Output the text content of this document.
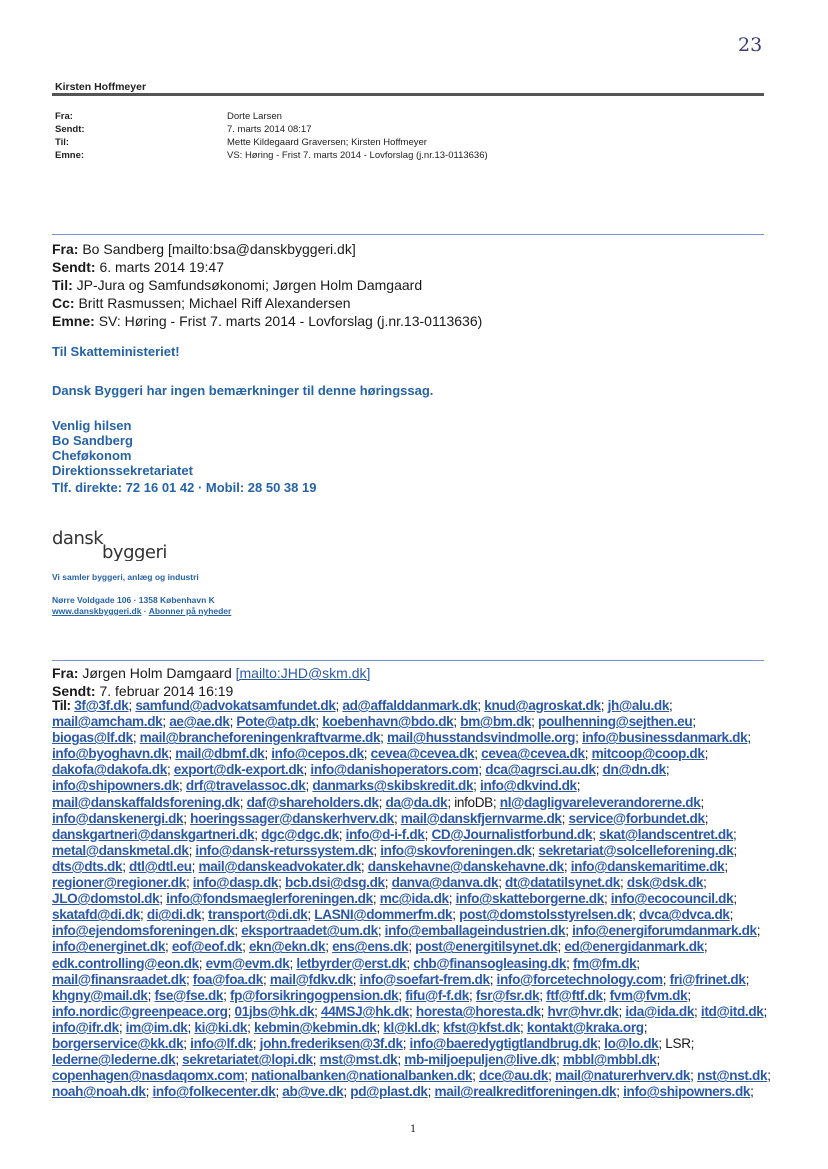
23
Kirsten Hoffmeyer
Fra:	Dorte Larsen
Sendt:	7. marts 2014 08:17
Til:	Mette Kildegaard Graversen; Kirsten Hoffmeyer
Emne:	VS: Høring - Frist 7. marts 2014 - Lovforslag (j.nr.13-0113636)
Fra: Bo Sandberg [mailto:bsa@danskbyggeri.dk]
Sendt: 6. marts 2014 19:47
Til: JP-Jura og Samfundsøkonomi; Jørgen Holm Damgaard
Cc: Britt Rasmussen; Michael Riff Alexandersen
Emne: SV: Høring - Frist 7. marts 2014 - Lovforslag (j.nr.13-0113636)
Til Skatteministeriet!
Dansk Byggeri har ingen bemærkninger til denne høringssag.
Venlig hilsen
Bo Sandberg
Cheføkonom
Direktionssekretariatet
Tlf. direkte: 72 16 01 42 · Mobil: 28 50 38 19
dansk
byggeri
Vi samler byggeri, anlæg og industri
Nørre Voldgade 106 · 1358 København K
www.danskbyggeri.dk · Abonner på nyheder
Fra: Jørgen Holm Damgaard [mailto:JHD@skm.dk]
Sendt: 7. februar 2014 16:19
Til: 3f@3f.dk; samfund@advokatsamfundet.dk; ad@affalddanmark.dk; knud@agroskat.dk; jh@alu.dk; mail@amcham.dk; ae@ae.dk; Pote@atp.dk; koebenhavn@bdo.dk; bm@bm.dk; poulhenning@sejthen.eu; biogas@lf.dk; mail@brancheforeningenkraftvarme.dk; mail@husstandsvindmolle.org; info@businessdanmark.dk; info@byoghavn.dk; mail@dbmf.dk; info@cepos.dk; cevea@cevea.dk; cevea@cevea.dk; mitcoop@coop.dk; dakofa@dakofa.dk; export@dk-export.dk; info@danishoperators.com; dca@agrsci.au.dk; dn@dn.dk; info@shipowners.dk; drf@travelassoc.dk; danmarks@skibskredit.dk; info@dkvind.dk; mail@danskaffaldsforening.dk; daf@shareholders.dk; da@da.dk; infoDB; nl@dagligvareleverandorerne.dk; info@danskenergi.dk; hoeringssager@danskerhverv.dk; mail@danskfjernvarme.dk; service@forbundet.dk; danskgartneri@danskgartneri.dk; dgc@dgc.dk; info@d-i-f.dk; CD@Journalistforbund.dk; skat@landscentret.dk; metal@danskmetal.dk; info@dansk-returssystem.dk; info@skovforeningen.dk; sekretariat@solcelleforening.dk; dts@dts.dk; dtl@dtl.eu; mail@danskeadvokater.dk; danskehavne@danskehavne.dk; info@danskemaritime.dk; regioner@regioner.dk; info@dasp.dk; bcb.dsi@dsg.dk; danva@danva.dk; dt@datatilsynet.dk; dsk@dsk.dk; JLO@domstol.dk; info@fondsmaeglerforeningen.dk; mc@ida.dk; info@skatteborgerne.dk; info@ecocouncil.dk; skatafd@di.dk; di@di.dk; transport@di.dk; LASNI@dommerfm.dk; post@domstolsstyrelsen.dk; dvca@dvca.dk; info@ejendomsforeningen.dk; eksportraadet@um.dk; info@emballageindustrien.dk; info@energiforumdanmark.dk; info@energinet.dk; eof@eof.dk; ekn@ekn.dk; ens@ens.dk; post@energitilsynet.dk; ed@energidanmark.dk; edk.controlling@eon.dk; evm@evm.dk; letbyrder@erst.dk; chb@finansogleasing.dk; fm@fm.dk; mail@finansraadet.dk; foa@foa.dk; mail@fdkv.dk; info@soefart-frem.dk; info@forcetechnology.com; fri@frinet.dk; khgny@mail.dk; fse@fse.dk; fp@forsikringogpension.dk; fifu@f-f.dk; fsr@fsr.dk; ftf@ftf.dk; fvm@fvm.dk; info.nordic@greenpeace.org; 01jbs@hk.dk; 44MSJ@hk.dk; horesta@horesta.dk; hvr@hvr.dk; ida@ida.dk; itd@itd.dk; info@ifr.dk; im@im.dk; ki@ki.dk; kebmin@kebmin.dk; kl@kl.dk; kfst@kfst.dk; kontakt@kraka.org; borgerservice@kk.dk; info@lf.dk; john.frederiksen@3f.dk; info@baeredygtigtlandbrug.dk; lo@lo.dk; LSR; lederne@lederne.dk; sekretariatet@lopi.dk; mst@mst.dk; mb-miljoepuljen@live.dk; mbbl@mbbl.dk; copenhagen@nasdaqomx.com; nationalbanken@nationalbanken.dk; dce@au.dk; mail@naturerhverv.dk; nst@nst.dk; noah@noah.dk; info@folkecenter.dk; ab@ve.dk; pd@plast.dk; mail@realkreditforeningen.dk; info@shipowners.dk;
1
